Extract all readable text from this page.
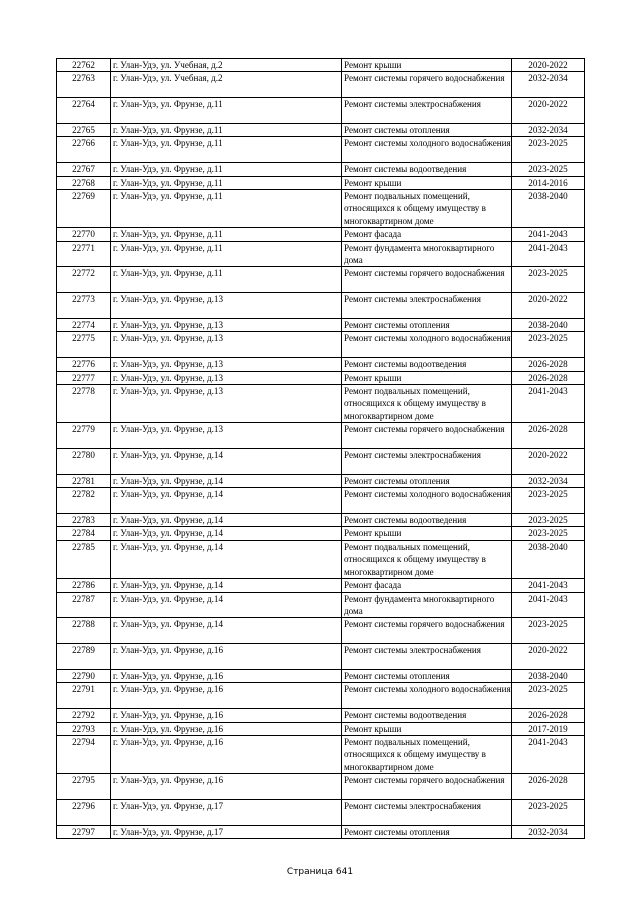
22762	г. Улан-Удэ, ул. Учебная, д.2	Ремонт крыши	2020-2022
22763	г. Улан-Удэ, ул. Учебная, д.2	Ремонт системы горячего водоснабжения	2032-2034
22764	г. Улан-Удэ, ул. Фрунзе, д.11	Ремонт системы электроснабжения	2020-2022
22765	г. Улан-Удэ, ул. Фрунзе, д.11	Ремонт системы отопления	2032-2034
22766	г. Улан-Удэ, ул. Фрунзе, д.11	Ремонт системы холодного водоснабжения	2023-2025
22767	г. Улан-Удэ, ул. Фрунзе, д.11	Ремонт системы водоотведения	2023-2025
22768	г. Улан-Удэ, ул. Фрунзе, д.11	Ремонт крыши	2014-2016
22769	г. Улан-Удэ, ул. Фрунзе, д.11	Ремонт подвальных помещений, относящихся к общему имуществу в многоквартирном доме	2038-2040
22770	г. Улан-Удэ, ул. Фрунзе, д.11	Ремонт фасада	2041-2043
22771	г. Улан-Удэ, ул. Фрунзе, д.11	Ремонт фундамента многоквартирного дома	2041-2043
22772	г. Улан-Удэ, ул. Фрунзе, д.11	Ремонт системы горячего водоснабжения	2023-2025
22773	г. Улан-Удэ, ул. Фрунзе, д.13	Ремонт системы электроснабжения	2020-2022
22774	г. Улан-Удэ, ул. Фрунзе, д.13	Ремонт системы отопления	2038-2040
22775	г. Улан-Удэ, ул. Фрунзе, д.13	Ремонт системы холодного водоснабжения	2023-2025
22776	г. Улан-Удэ, ул. Фрунзе, д.13	Ремонт системы водоотведения	2026-2028
22777	г. Улан-Удэ, ул. Фрунзе, д.13	Ремонт крыши	2026-2028
22778	г. Улан-Удэ, ул. Фрунзе, д.13	Ремонт подвальных помещений, относящихся к общему имуществу в многоквартирном доме	2041-2043
22779	г. Улан-Удэ, ул. Фрунзе, д.13	Ремонт системы горячего водоснабжения	2026-2028
22780	г. Улан-Удэ, ул. Фрунзе, д.14	Ремонт системы электроснабжения	2020-2022
22781	г. Улан-Удэ, ул. Фрунзе, д.14	Ремонт системы отопления	2032-2034
22782	г. Улан-Удэ, ул. Фрунзе, д.14	Ремонт системы холодного водоснабжения	2023-2025
22783	г. Улан-Удэ, ул. Фрунзе, д.14	Ремонт системы водоотведения	2023-2025
22784	г. Улан-Удэ, ул. Фрунзе, д.14	Ремонт крыши	2023-2025
22785	г. Улан-Удэ, ул. Фрунзе, д.14	Ремонт подвальных помещений, относящихся к общему имуществу в многоквартирном доме	2038-2040
22786	г. Улан-Удэ, ул. Фрунзе, д.14	Ремонт фасада	2041-2043
22787	г. Улан-Удэ, ул. Фрунзе, д.14	Ремонт фундамента многоквартирного дома	2041-2043
22788	г. Улан-Удэ, ул. Фрунзе, д.14	Ремонт системы горячего водоснабжения	2023-2025
22789	г. Улан-Удэ, ул. Фрунзе, д.16	Ремонт системы электроснабжения	2020-2022
22790	г. Улан-Удэ, ул. Фрунзе, д.16	Ремонт системы отопления	2038-2040
22791	г. Улан-Удэ, ул. Фрунзе, д.16	Ремонт системы холодного водоснабжения	2023-2025
22792	г. Улан-Удэ, ул. Фрунзе, д.16	Ремонт системы водоотведения	2026-2028
22793	г. Улан-Удэ, ул. Фрунзе, д.16	Ремонт крыши	2017-2019
22794	г. Улан-Удэ, ул. Фрунзе, д.16	Ремонт подвальных помещений, относящихся к общему имуществу в многоквартирном доме	2041-2043
22795	г. Улан-Удэ, ул. Фрунзе, д.16	Ремонт системы горячего водоснабжения	2026-2028
22796	г. Улан-Удэ, ул. Фрунзе, д.17	Ремонт системы электроснабжения	2023-2025
22797	г. Улан-Удэ, ул. Фрунзе, д.17	Ремонт системы отопления	2032-2034
Страница 641
